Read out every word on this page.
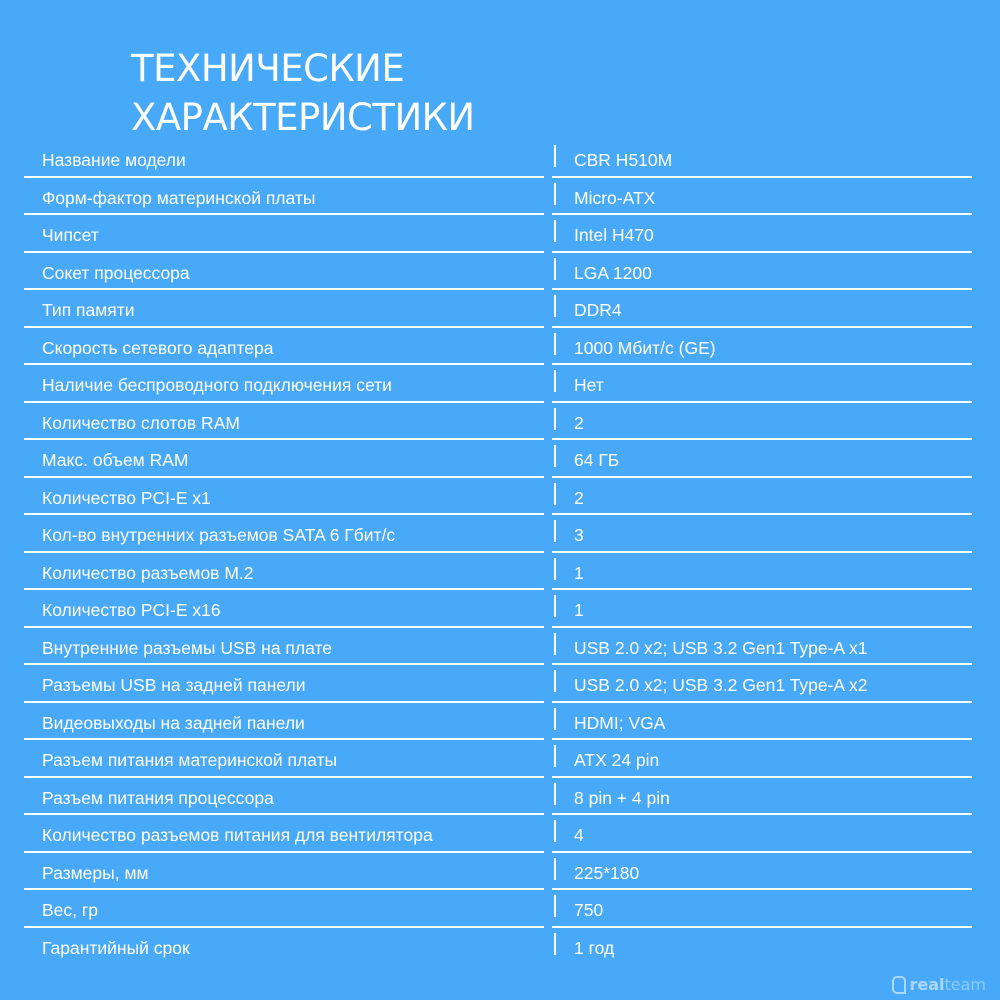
ТЕХНИЧЕСКИЕ
ХАРАКТЕРИСТИКИ
Название модели	CBR H510M
Форм-фактор материнской платы	Micro-ATX
Чипсет	Intel H470
Сокет процессора	LGA 1200
Тип памяти	DDR4
Скорость сетевого адаптера	1000 Мбит/с (GE)
Наличие беспроводного подключения сети	Нет
Количество слотов RAM	2
Макс. объем RAM	64 ГБ
Количество PCI-E x1	2
Кол-во внутренних разъемов SATA 6 Гбит/с	3
Количество разъемов M.2	1
Количество PCI-E x16	1
Внутренние разъемы USB на плате	USB 2.0 x2; USB 3.2 Gen1 Type-A x1
Разъемы USB на задней панели	USB 2.0 x2; USB 3.2 Gen1 Type-A x2
Видеовыходы на задней панели	HDMI; VGA
Разъем питания материнской платы	ATX 24 pin
Разъем питания процессора	8 pin + 4 pin
Количество разъемов питания для вентилятора	4
Размеры, мм	225*180
Вес, гр	750
Гарантийный срок	1 год
real team
